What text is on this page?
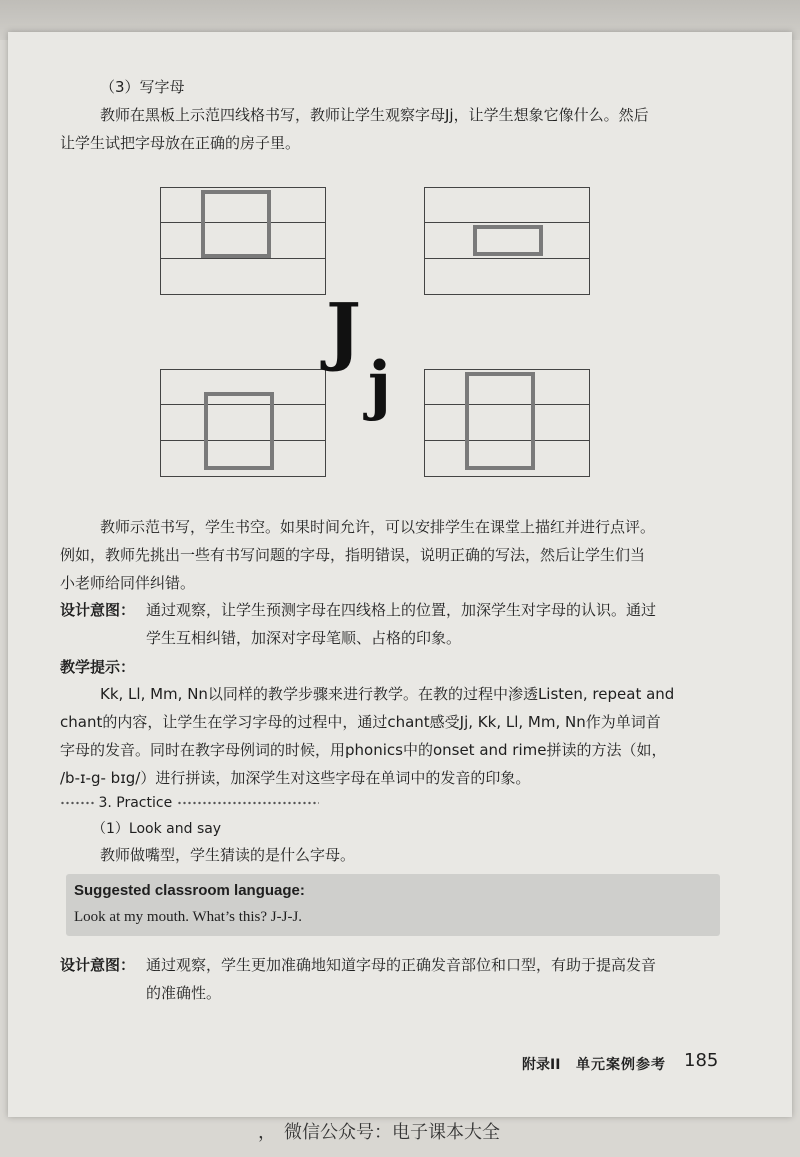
（3）写字母
教师在黑板上示范四线格书写，教师让学生观察字母Jj，让学生想象它像什么。然后
让学生试把字母放在正确的房子里。
J
j
教师示范书写，学生书空。如果时间允许，可以安排学生在课堂上描红并进行点评。
例如，教师先挑出一些有书写问题的字母，指明错误，说明正确的写法，然后让学生们当
小老师给同伴纠错。
设计意图： 通过观察，让学生预测字母在四线格上的位置，加深学生对字母的认识。通过
学生互相纠错，加深对字母笔顺、占格的印象。
教学提示：
Kk, Ll, Mm, Nn以同样的教学步骤来进行教学。在教的过程中渗透Listen, repeat and
chant的内容，让学生在学习字母的过程中，通过chant感受Jj, Kk, Ll, Mm, Nn作为单词首
字母的发音。同时在教字母例词的时候，用phonics中的onset and rime拼读的方法（如，
/b-ɪ-g- bɪg/）进行拼读，加深学生对这些字母在单词中的发音的印象。
3. Practice
（1）Look and say
教师做嘴型，学生猜读的是什么字母。
Suggested classroom language:
Look at my mouth. What’s this? J-J-J.
设计意图： 通过观察，学生更加准确地知道字母的正确发音部位和口型，有助于提高发音
的准确性。
附录II 单元案例参考 185
， 微信公众号：电子课本大全
